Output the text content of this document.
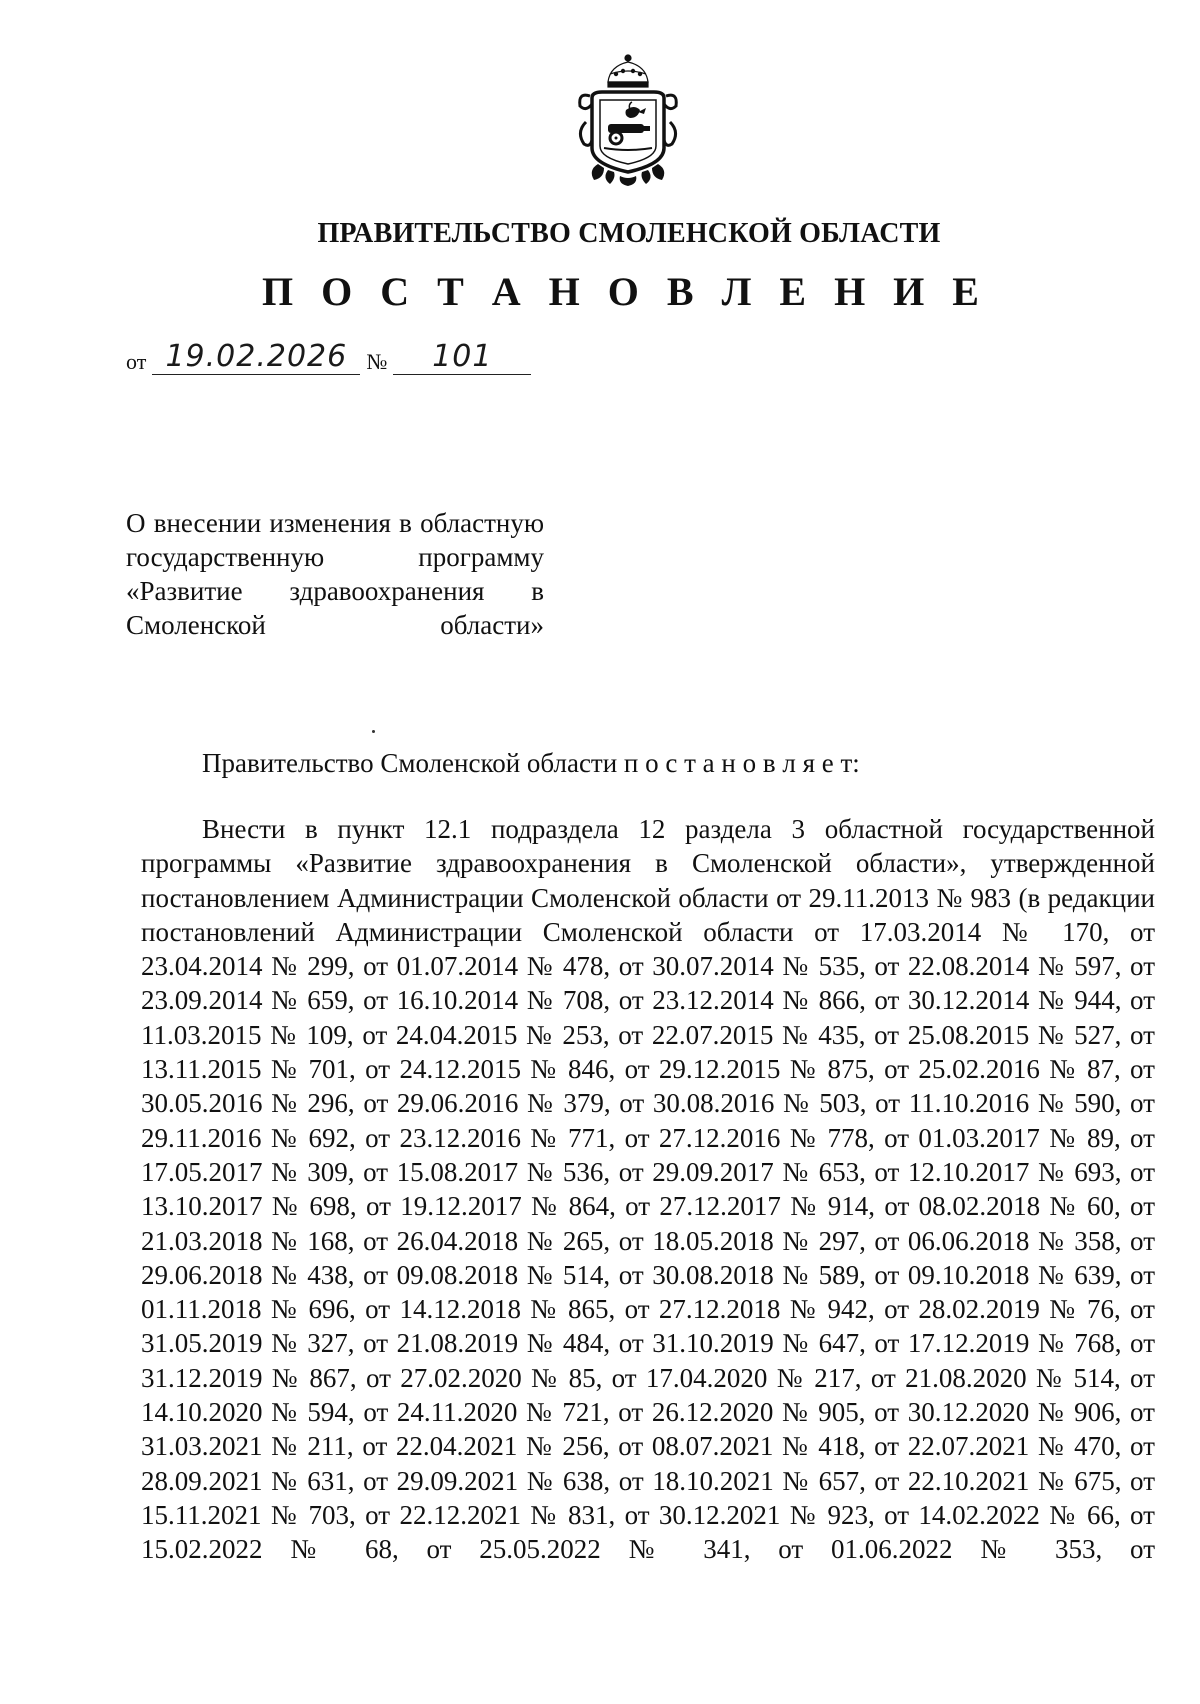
ПРАВИТЕЛЬСТВО СМОЛЕНСКОЙ ОБЛАСТИ
П О С Т А Н О В Л Е Н И Е
от 19.02.2026 №	101
О внесении изменения в областную государственную программу «Развитие здравоохранения в Смоленской области»
Правительство Смоленской области п о с т а н о в л я е т:

Внести в пункт 12.1 подраздела 12 раздела 3 областной государственной программы «Развитие здравоохранения в Смоленской области», утвержденной постановлением Администрации Смоленской области от 29.11.2013 № 983 (в редакции постановлений Администрации Смоленской области от 17.03.2014 № 170, от 23.04.2014 № 299, от 01.07.2014 № 478, от 30.07.2014 № 535, от 22.08.2014 № 597, от 23.09.2014 № 659, от 16.10.2014 № 708, от 23.12.2014 № 866, от 30.12.2014 № 944, от 11.03.2015 № 109, от 24.04.2015 № 253, от 22.07.2015 № 435, от 25.08.2015 № 527, от 13.11.2015 № 701, от 24.12.2015 № 846, от 29.12.2015 № 875, от 25.02.2016 № 87, от 30.05.2016 № 296, от 29.06.2016 № 379, от 30.08.2016 № 503, от 11.10.2016 № 590, от 29.11.2016 № 692, от 23.12.2016 № 771, от 27.12.2016 № 778, от 01.03.2017 № 89, от 17.05.2017 № 309, от 15.08.2017 № 536, от 29.09.2017 № 653, от 12.10.2017 № 693, от 13.10.2017 № 698, от 19.12.2017 № 864, от 27.12.2017 № 914, от 08.02.2018 № 60, от 21.03.2018 № 168, от 26.04.2018 № 265, от 18.05.2018 № 297, от 06.06.2018 № 358, от 29.06.2018 № 438, от 09.08.2018 № 514, от 30.08.2018 № 589, от 09.10.2018 № 639, от 01.11.2018 № 696, от 14.12.2018 № 865, от 27.12.2018 № 942, от 28.02.2019 № 76, от 31.05.2019 № 327, от 21.08.2019 № 484, от 31.10.2019 № 647, от 17.12.2019 № 768, от 31.12.2019 № 867, от 27.02.2020 № 85, от 17.04.2020 № 217, от 21.08.2020 № 514, от 14.10.2020 № 594, от 24.11.2020 № 721, от 26.12.2020 № 905, от 30.12.2020 № 906, от 31.03.2021 № 211, от 22.04.2021 № 256, от 08.07.2021 № 418, от 22.07.2021 № 470, от 28.09.2021 № 631, от 29.09.2021 № 638, от 18.10.2021 № 657, от 22.10.2021 № 675, от 15.11.2021 № 703, от 22.12.2021 № 831, от 30.12.2021 № 923, от 14.02.2022 № 66, от 15.02.2022 № 68, от 25.05.2022 № 341, от 01.06.2022 № 353, от
